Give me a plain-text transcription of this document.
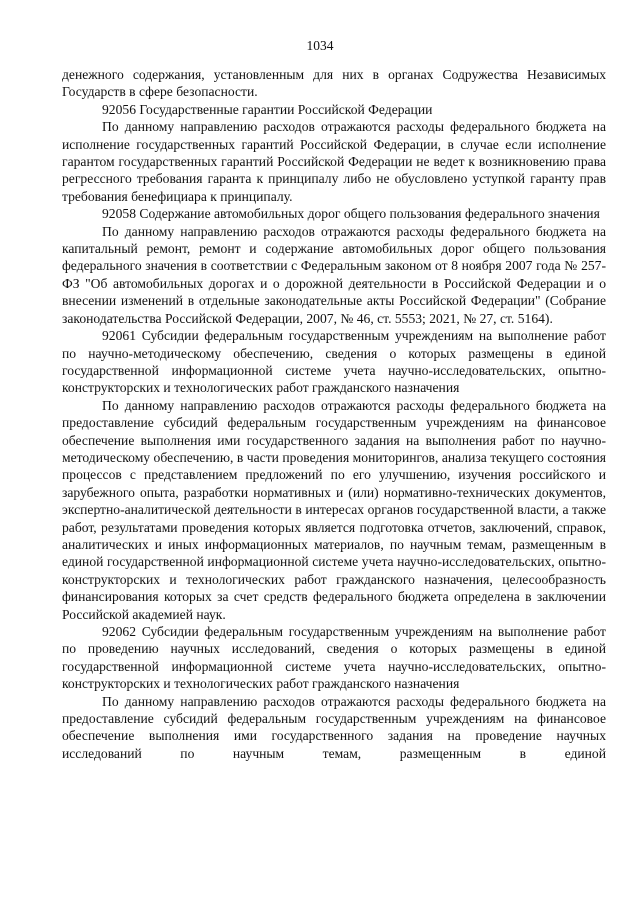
1034

денежного содержания, установленным для них в органах Содружества Независимых Государств в сфере безопасности.

92056 Государственные гарантии Российской Федерации

По данному направлению расходов отражаются расходы федерального бюджета на исполнение государственных гарантий Российской Федерации, в случае если исполнение гарантом государственных гарантий Российской Федерации не ведет к возникновению права регрессного требования гаранта к принципалу либо не обусловлено уступкой гаранту прав требования бенефициара к принципалу.

92058 Содержание автомобильных дорог общего пользования федерального значения

По данному направлению расходов отражаются расходы федерального бюджета на капитальный ремонт, ремонт и содержание автомобильных дорог общего пользования федерального значения в соответствии с Федеральным законом от 8 ноября 2007 года № 257-ФЗ "Об автомобильных дорогах и о дорожной деятельности в Российской Федерации и о внесении изменений в отдельные законодательные акты Российской Федерации" (Собрание законодательства Российской Федерации, 2007, № 46, ст. 5553; 2021, № 27, ст. 5164).

92061 Субсидии федеральным государственным учреждениям на выполнение работ по научно-методическому обеспечению, сведения о которых размещены в единой государственной информационной системе учета научно-исследовательских, опытно-конструкторских и технологических работ гражданского назначения

По данному направлению расходов отражаются расходы федерального бюджета на предоставление субсидий федеральным государственным учреждениям на финансовое обеспечение выполнения ими государственного задания на выполнения работ по научно-методическому обеспечению, в части проведения мониторингов, анализа текущего состояния процессов с представлением предложений по его улучшению, изучения российского и зарубежного опыта, разработки нормативных и (или) нормативно-технических документов, экспертно-аналитической деятельности в интересах органов государственной власти, а также работ, результатами проведения которых является подготовка отчетов, заключений, справок, аналитических и иных информационных материалов, по научным темам, размещенным в единой государственной информационной системе учета научно-исследовательских, опытно-конструкторских и технологических работ гражданского назначения, целесообразность финансирования которых за счет средств федерального бюджета определена в заключении Российской академией наук.

92062 Субсидии федеральным государственным учреждениям на выполнение работ по проведению научных исследований, сведения о которых размещены в единой государственной информационной системе учета научно-исследовательских, опытно-конструкторских и технологических работ гражданского назначения

По данному направлению расходов отражаются расходы федерального бюджета на предоставление субсидий федеральным государственным учреждениям на финансовое обеспечение выполнения ими государственного задания на проведение научных исследований по научным темам, размещенным в единой
